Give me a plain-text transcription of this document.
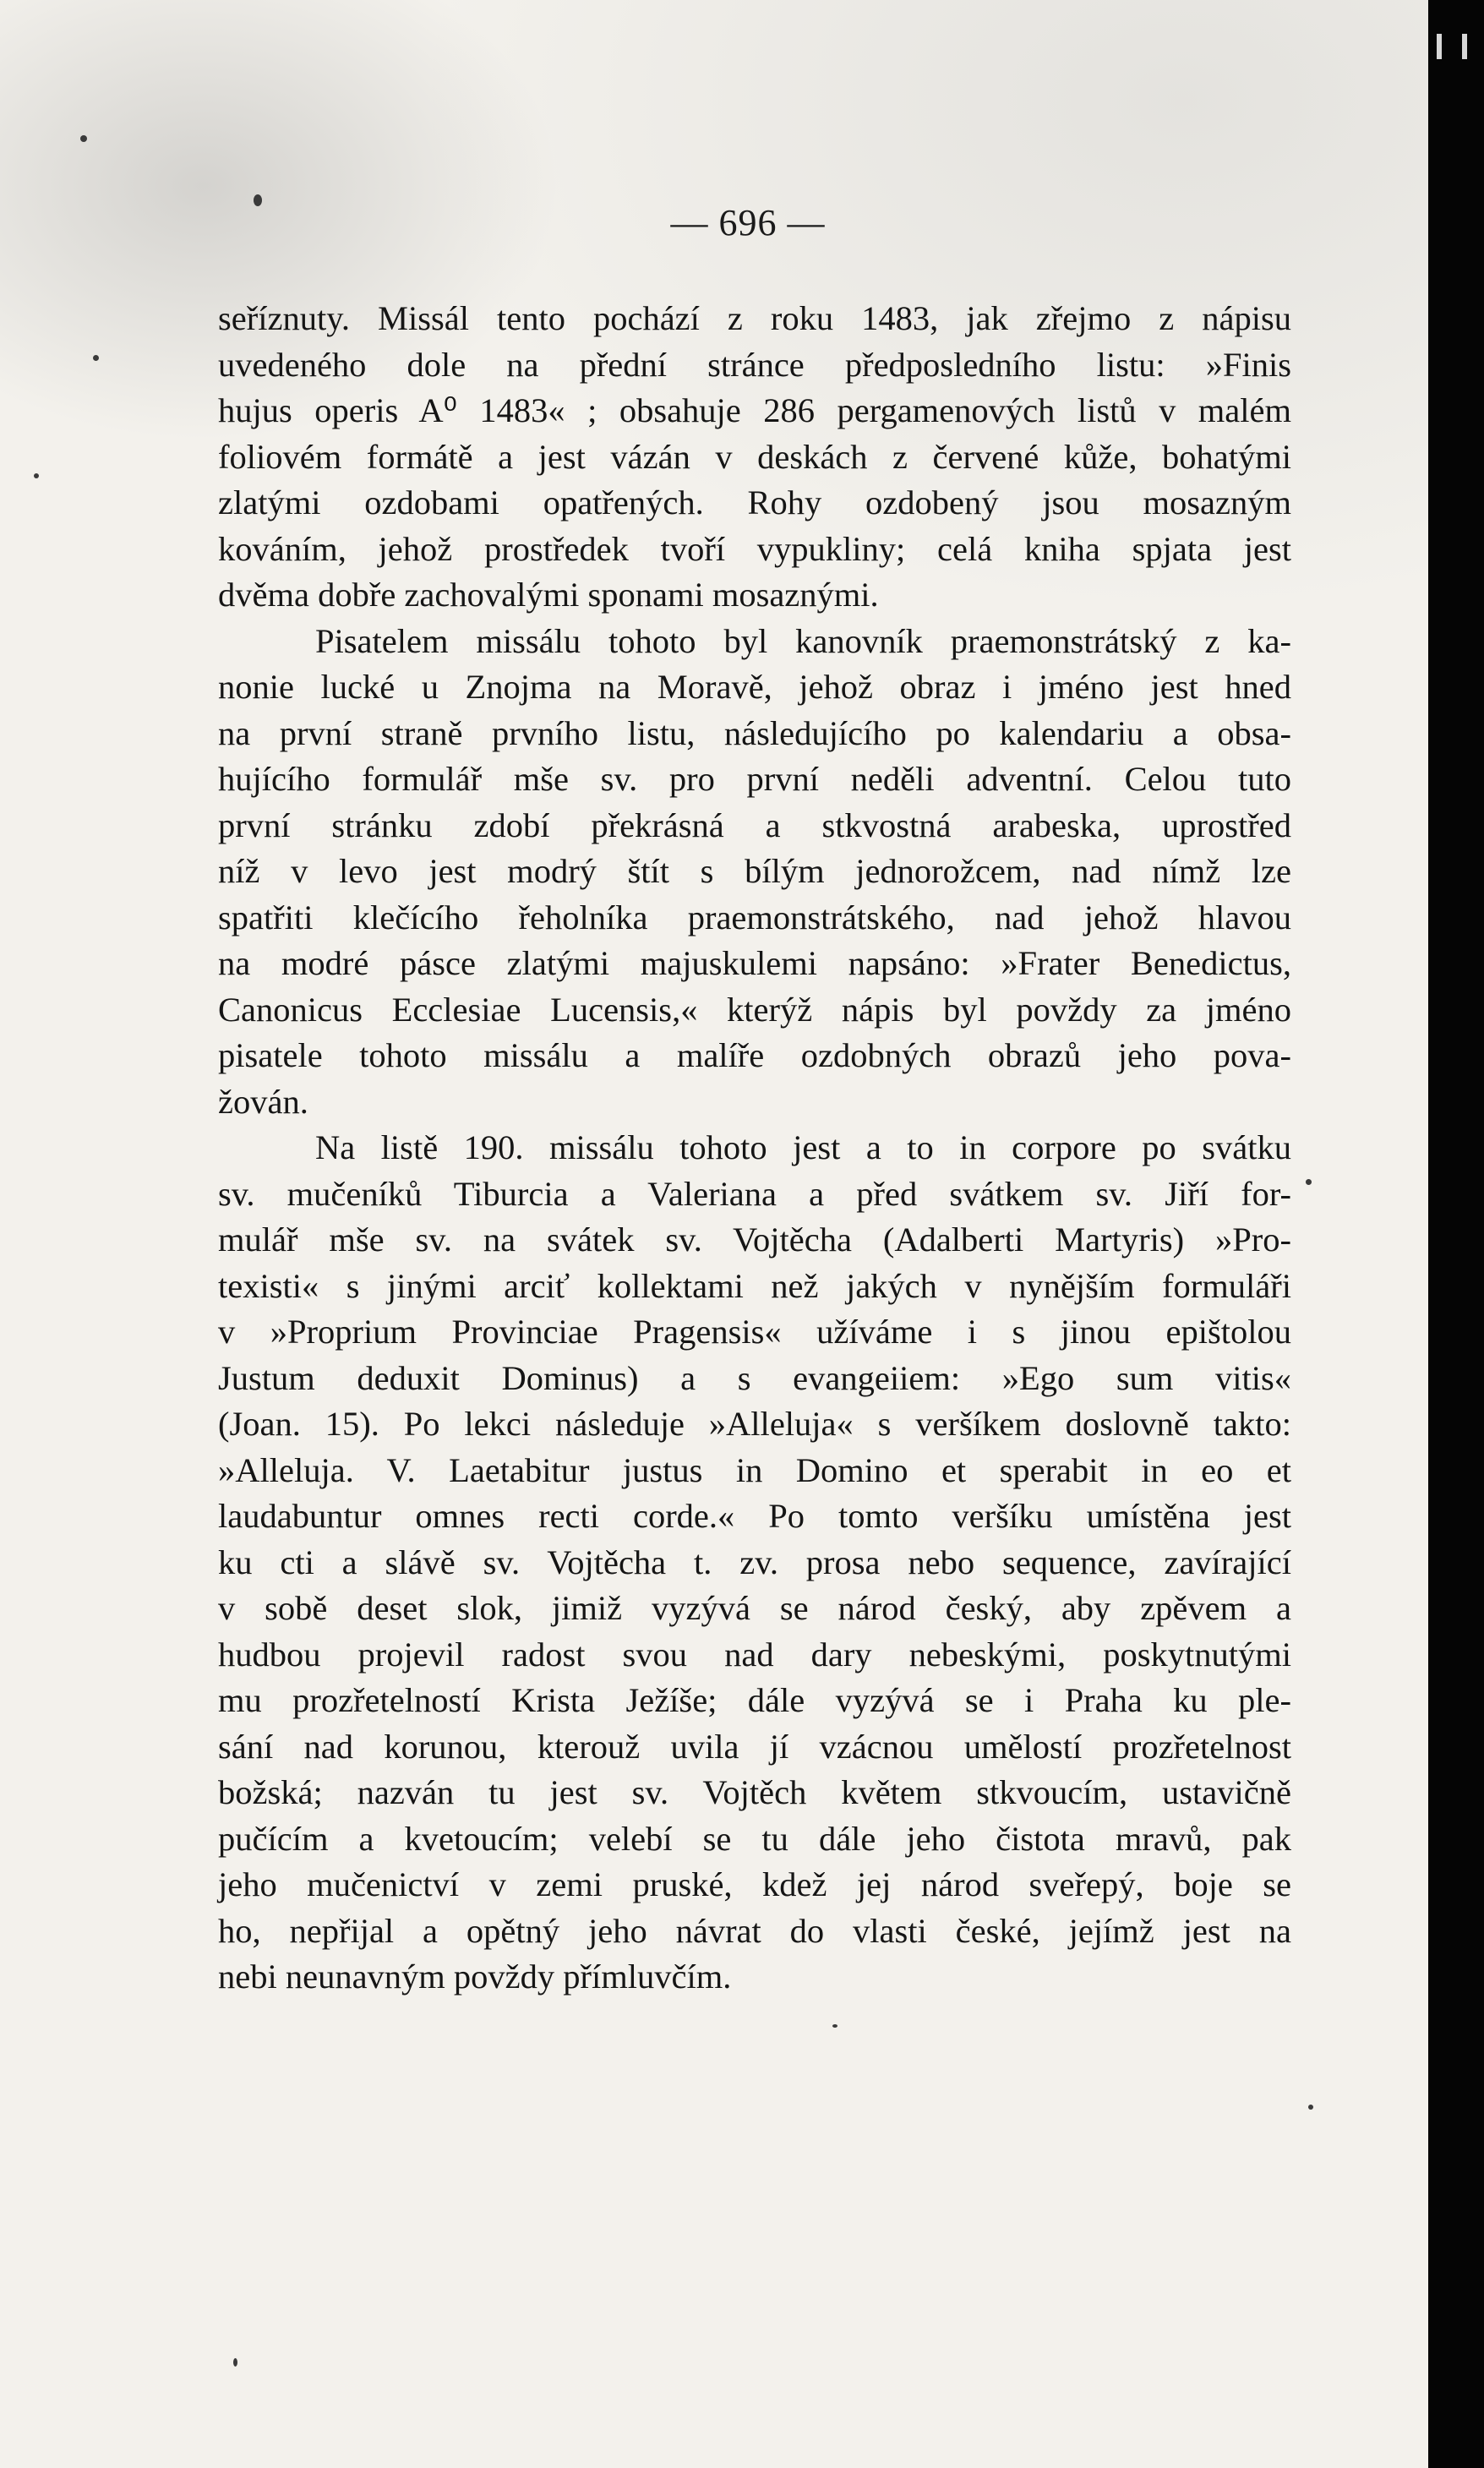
— 696 —
seříznuty. Missál tento pochází z roku 1483, jak zřejmo z nápisu
uvedeného dole na přední stránce předposledního listu: »Finis
hujus operis A⁰ 1483« ; obsahuje 286 pergamenových listů v malém
foliovém formátě a jest vázán v deskách z červené kůže, bohatými
zlatými ozdobami opatřených. Rohy ozdobený jsou mosazným
kováním, jehož prostředek tvoří vypukliny; celá kniha spjata jest
dvěma dobře zachovalými sponami mosaznými.
Pisatelem missálu tohoto byl kanovník praemonstrátský z ka-
nonie lucké u Znojma na Moravě, jehož obraz i jméno jest hned
na první straně prvního listu, následujícího po kalendariu a obsa-
hujícího formulář mše sv. pro první neděli adventní. Celou tuto
první stránku zdobí překrásná a stkvostná arabeska, uprostřed
níž v levo jest modrý štít s bílým jednorožcem, nad nímž lze
spatřiti klečícího řeholníka praemonstrátského, nad jehož hlavou
na modré pásce zlatými majuskulemi napsáno: »Frater Benedictus,
Canonicus Ecclesiae Lucensis,« kterýž nápis byl povždy za jméno
pisatele tohoto missálu a malíře ozdobných obrazů jeho pova-
žován.
Na listě 190. missálu tohoto jest a to in corpore po svátku
sv. mučeníků Tiburcia a Valeriana a před svátkem sv. Jiří for-
mulář mše sv. na svátek sv. Vojtěcha (Adalberti Martyris) »Pro-
texisti« s jinými arciť kollektami než jakých v nynějším formuláři
v »Proprium Provinciae Pragensis« užíváme i s jinou epištolou
Justum deduxit Dominus) a s evangeiiem: »Ego sum vitis«
(Joan. 15). Po lekci následuje »Alleluja« s veršíkem doslovně takto:
»Alleluja. V. Laetabitur justus in Domino et sperabit in eo et
laudabuntur omnes recti corde.« Po tomto veršíku umístěna jest
ku cti a slávě sv. Vojtěcha t. zv. prosa nebo sequence, zavírající
v sobě deset slok, jimiž vyzývá se národ český, aby zpěvem a
hudbou projevil radost svou nad dary nebeskými, poskytnutými
mu prozřetelností Krista Ježíše; dále vyzývá se i Praha ku ple-
sání nad korunou, kterouž uvila jí vzácnou umělostí prozřetelnost
božská; nazván tu jest sv. Vojtěch květem stkvoucím, ustavičně
pučícím a kvetoucím; velebí se tu dále jeho čistota mravů, pak
jeho mučenictví v zemi pruské, kdež jej národ sveřepý, boje se
ho, nepřijal a opětný jeho návrat do vlasti české, jejímž jest na
nebi neunavným povždy přímluvčím.
